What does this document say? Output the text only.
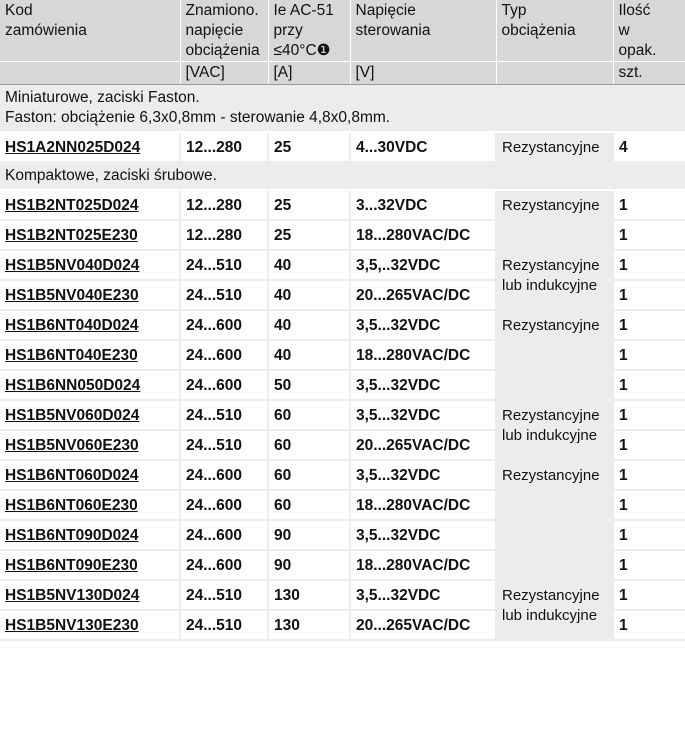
Kod
zamówienia	Znamiono.
napięcie
obciążenia	Ie AC-51
przy
≤40°C❶	Napięcie
sterowania	Typ
obciążenia	Ilość
w
opak.
	[VAC]	[A]	[V]		szt.
Miniaturowe, zaciski Faston.
Faston: obciążenie 6,3x0,8mm - sterowanie 4,8x0,8mm.					
HS1A2NN025D024	12...280	25	4...30VDC	Rezystancyjne	4
Kompaktowe, zaciski śrubowe.					
HS1B2NT025D024	12...280	25	3...32VDC	Rezystancyjne	1
HS1B2NT025E230	12...280	25	18...280VAC/DC		1
HS1B5NV040D024	24...510	40	3,5,..32VDC	Rezystancyjne
lub indukcyjne	1
HS1B5NV040E230	24...510	40	20...265VAC/DC		1
HS1B6NT040D024	24...600	40	3,5...32VDC	Rezystancyjne	1
HS1B6NT040E230	24...600	40	18...280VAC/DC		1
HS1B6NN050D024	24...600	50	3,5...32VDC		1
HS1B5NV060D024	24...510	60	3,5...32VDC	Rezystancyjne
lub indukcyjne	1
HS1B5NV060E230	24...510	60	20...265VAC/DC		1
HS1B6NT060D024	24...600	60	3,5...32VDC	Rezystancyjne	1
HS1B6NT060E230	24...600	60	18...280VAC/DC		1
HS1B6NT090D024	24...600	90	3,5...32VDC		1
HS1B6NT090E230	24...600	90	18...280VAC/DC		1
HS1B5NV130D024	24...510	130	3,5...32VDC	Rezystancyjne
lub indukcyjne	1
HS1B5NV130E230	24...510	130	20...265VAC/DC		1
